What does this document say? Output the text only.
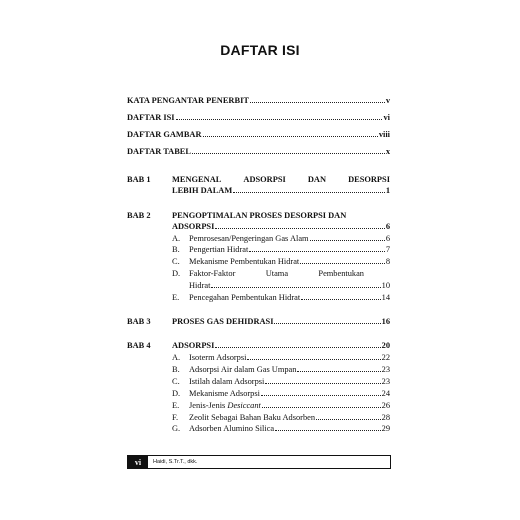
DAFTAR ISI
KATA PENGANTAR PENERBIT	v
DAFTAR ISI	vi
DAFTAR GAMBAR	viii
DAFTAR TABEL	x
BAB 1	MENGENAL	ADSORPSI	DAN	DESORPSI
LEBIH DALAM	1
BAB 2	PENGOPTIMALAN PROSES DESORPSI DAN
ADSORPSI	6
A. Pemrosesan/Pengeringan Gas Alam	6
B. Pengertian Hidrat	7
C. Mekanisme Pembentukan Hidrat	8
D.	Faktor-Faktor	Utama	Pembentukan
Hidrat	10
E. Pencegahan Pembentukan Hidrat	14
BAB 3	PROSES GAS DEHIDRASI	16
BAB 4	ADSORPSI	20
A. Isoterm Adsorpsi	22
B. Adsorpsi Air dalam Gas Umpan	23
C. Istilah dalam Adsorpsi	23
D. Mekanisme Adsorpsi	24
E. Jenis-Jenis Desiccant	26
F. Zeolit Sebagai Bahan Baku Adsorben	28
G. Adsorben Alumino Silica	29
vi	Haidi, S.Tr.T., dkk.
